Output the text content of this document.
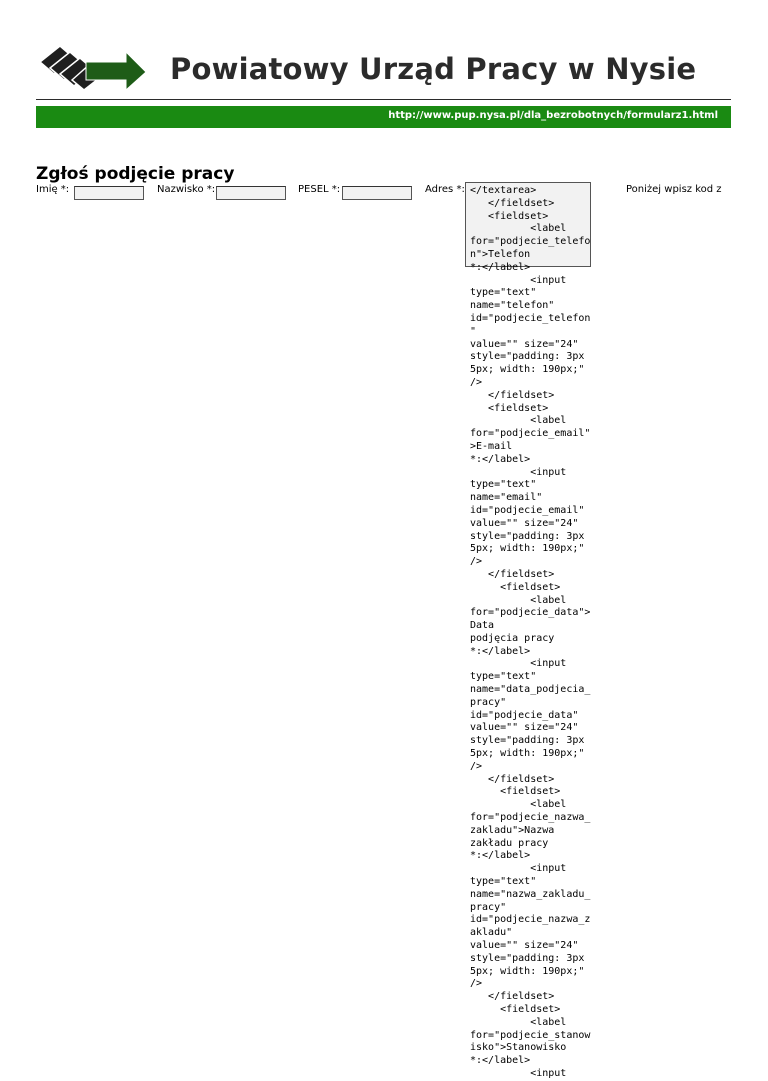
Powiatowy Urząd Pracy w Nysie
http://www.pup.nysa.pl/dla_bezrobotnych/formularz1.html
Zgłoś podjęcie pracy
Imię *:	Nazwisko *:	PESEL *:	Adres *: </textarea>
</fieldset>
<fieldset>
<label
for="podjecie_telefo
n">Telefon
*:</label>
<input
type="text"
name="telefon"
id="podjecie_telefon
"
value="" size="24"
style="padding: 3px
5px; width: 190px;"
/>
</fieldset>
<fieldset>
<label
for="podjecie_email"
>E-mail
*:</label>
<input
type="text"
name="email"
id="podjecie_email"
value="" size="24"
style="padding: 3px
5px; width: 190px;"
/>
</fieldset>
<fieldset>
<label
for="podjecie_data">
Data
podjęcia pracy
*:</label>
<input
type="text"
name="data_podjecia_
pracy"
id="podjecie_data"
value="" size="24"
style="padding: 3px
5px; width: 190px;"
/>
</fieldset>
<fieldset>
<label
for="podjecie_nazwa_
zakladu">Nazwa
zakładu pracy
*:</label>
<input
type="text"
name="nazwa_zakladu_
pracy"
id="podjecie_nazwa_z
akladu"
value="" size="24"
style="padding: 3px
5px; width: 190px;"
/>
</fieldset>
<fieldset>
<label
for="podjecie_stanow
isko">Stanowisko
*:</label>
<input
Poniżej wpisz kod z
